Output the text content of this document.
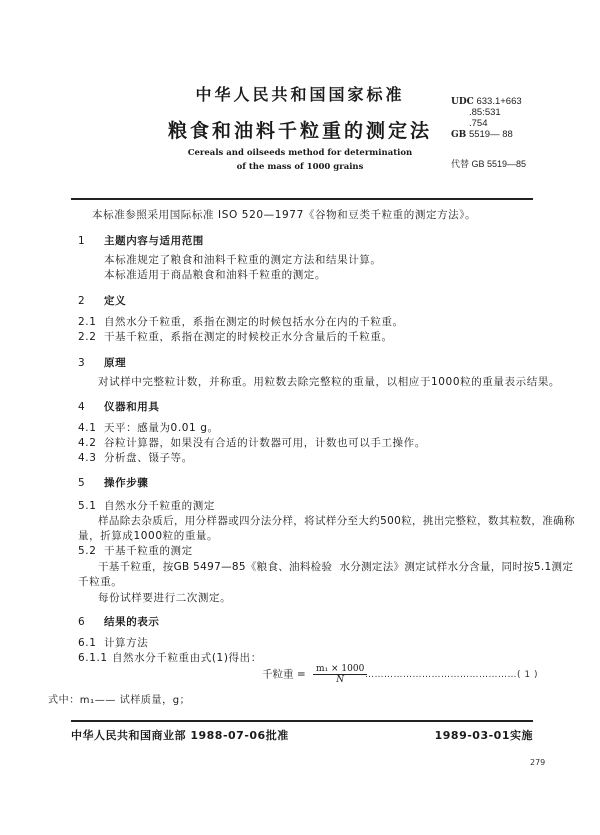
中华人民共和国国家标准
粮食和油料千粒重的测定法
Cereals and oilseeds method for determination
of the mass of 1000 grains
UDC 633.1+663
.85:531
.754
GB 5519— 88
代替 GB 5519—85
本标准参照采用国际标准 ISO 520—1977《谷物和豆类千粒重的测定方法》。
1 主题内容与适用范围
本标准规定了粮食和油料千粒重的测定方法和结果计算。
本标准适用于商品粮食和油料千粒重的测定。
2 定义
2.1 自然水分千粒重，系指在测定的时候包括水分在内的千粒重。
2.2 干基千粒重，系指在测定的时候校正水分含量后的千粒重。
3 原理
对试样中完整粒计数，并称重。用粒数去除完整粒的重量，以相应于1000粒的重量表示结果。
4 仪器和用具
4.1 天平：感量为0.01 g。
4.2 谷粒计算器，如果没有合适的计数器可用，计数也可以手工操作。
4.3 分析盘、镊子等。
5 操作步骤
5.1 自然水分千粒重的测定
样品除去杂质后，用分样器或四分法分样，将试样分至大约500粒，挑出完整粒，数其粒数，准确称
量，折算成1000粒的重量。
5.2 干基千粒重的测定
干基千粒重，按GB 5497—85《粮食、油料检验  水分测定法》测定试样水分含量，同时按5.1测定
千粒重。
每份试样要进行二次测定。
6 结果的表示
6.1 计算方法
6.1.1 自然水分千粒重由式(1)得出：
千粒重 = $\frac{\text{m₁ × 1000}}{N}$
…………………………………………( 1 )
式中：m₁—— 试样质量，g；
中华人民共和国商业部 1988-07-06批准	1989-03-01实施
279
